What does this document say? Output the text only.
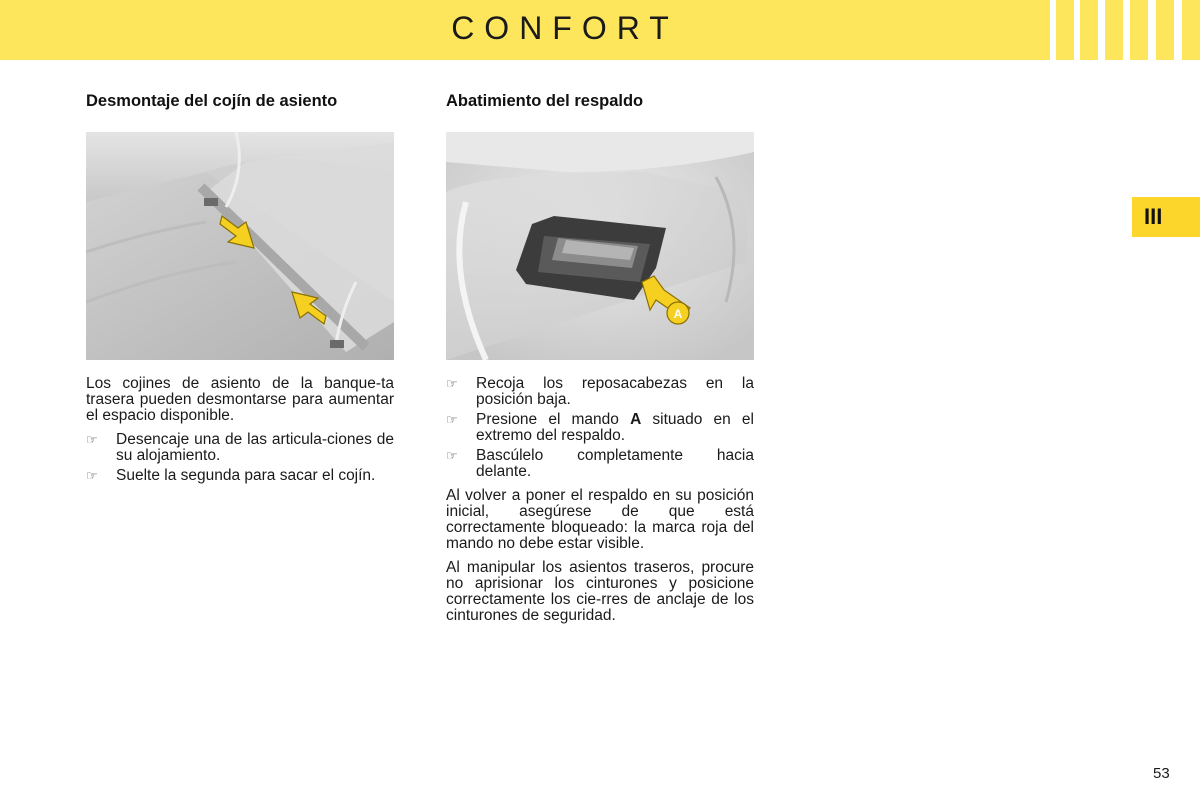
CONFORT
III
Desmontaje del cojín de asiento

Los cojines de asiento de la banque-ta trasera pueden desmontarse para aumentar el espacio disponible.

☞ Desencaje una de las articula-ciones de su alojamiento.
☞ Suelte la segunda para sacar el cojín.
Abatimiento del respaldo
A
☞ Recoja los reposacabezas en la posición baja.
☞ Presione el mando A situado en el extremo del respaldo.
☞ Bascúlelo completamente hacia delante.

Al volver a poner el respaldo en su posición inicial, asegúrese de que está correctamente bloqueado: la marca roja del mando no debe estar visible.

Al manipular los asientos traseros, procure no aprisionar los cinturones y posicione correctamente los cie-rres de anclaje de los cinturones de seguridad.

53
